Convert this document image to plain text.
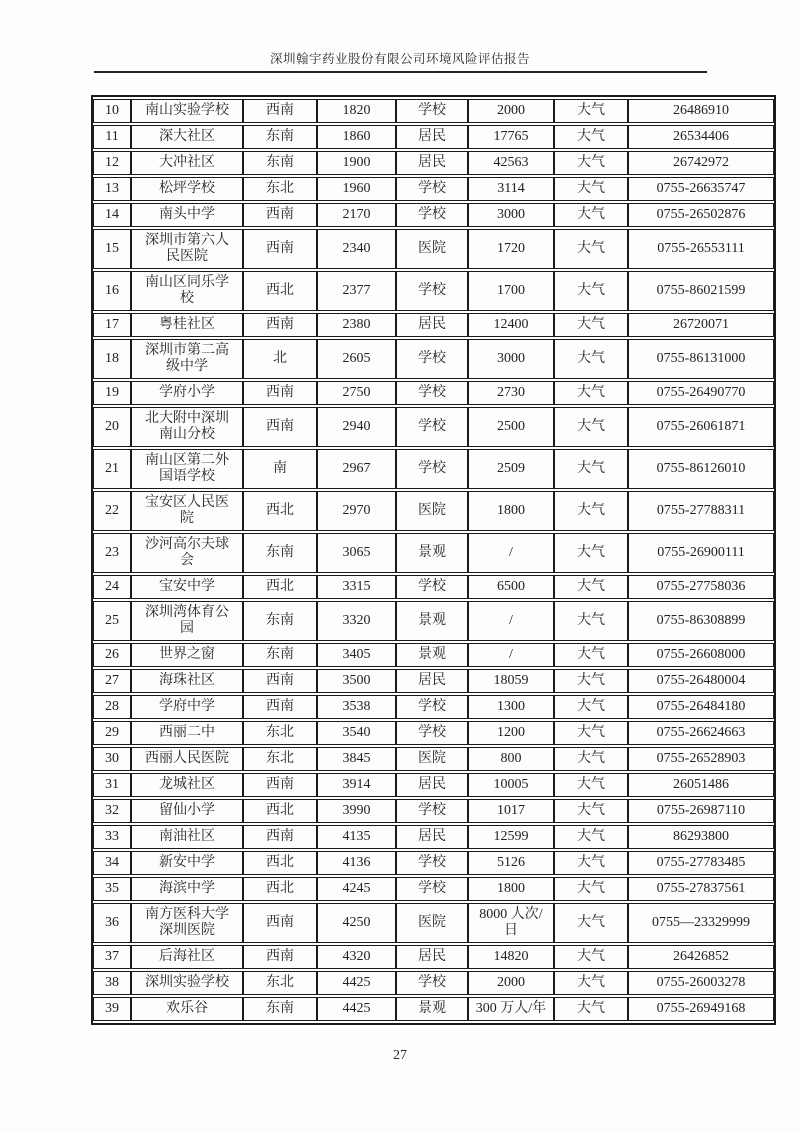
深圳翰宇药业股份有限公司环境风险评估报告
10	南山实验学校	西南	1820	学校	2000	大气	26486910
11	深大社区	东南	1860	居民	17765	大气	26534406
12	大冲社区	东南	1900	居民	42563	大气	26742972
13	松坪学校	东北	1960	学校	3114	大气	0755-26635747
14	南头中学	西南	2170	学校	3000	大气	0755-26502876
15	深圳市第六人民医院	西南	2340	医院	1720	大气	0755-26553111
16	南山区同乐学校	西北	2377	学校	1700	大气	0755-86021599
17	粤桂社区	西南	2380	居民	12400	大气	26720071
18	深圳市第二高级中学	北	2605	学校	3000	大气	0755-86131000
19	学府小学	西南	2750	学校	2730	大气	0755-26490770
20	北大附中深圳南山分校	西南	2940	学校	2500	大气	0755-26061871
21	南山区第二外国语学校	南	2967	学校	2509	大气	0755-86126010
22	宝安区人民医院	西北	2970	医院	1800	大气	0755-27788311
23	沙河高尔夫球会	东南	3065	景观	/	大气	0755-26900111
24	宝安中学	西北	3315	学校	6500	大气	0755-27758036
25	深圳湾体育公园	东南	3320	景观	/	大气	0755-86308899
26	世界之窗	东南	3405	景观	/	大气	0755-26608000
27	海珠社区	西南	3500	居民	18059	大气	0755-26480004
28	学府中学	西南	3538	学校	1300	大气	0755-26484180
29	西丽二中	东北	3540	学校	1200	大气	0755-26624663
30	西丽人民医院	东北	3845	医院	800	大气	0755-26528903
31	龙城社区	西南	3914	居民	10005	大气	26051486
32	留仙小学	西北	3990	学校	1017	大气	0755-26987110
33	南油社区	西南	4135	居民	12599	大气	86293800
34	新安中学	西北	4136	学校	5126	大气	0755-27783485
35	海滨中学	西北	4245	学校	1800	大气	0755-27837561
36	南方医科大学深圳医院	西南	4250	医院	8000 人次/日	大气	0755—23329999
37	后海社区	西南	4320	居民	14820	大气	26426852
38	深圳实验学校	东北	4425	学校	2000	大气	0755-26003278
39	欢乐谷	东南	4425	景观	300 万人/年	大气	0755-26949168
27
